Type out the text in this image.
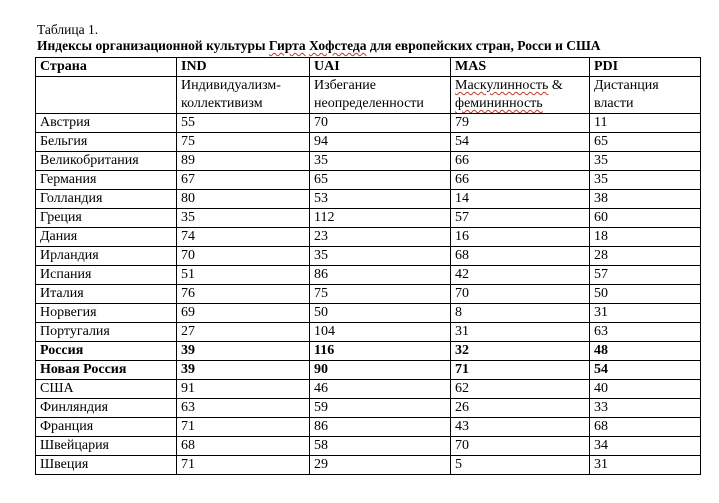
Таблица 1.
Индексы организационной культуры Гирта Хофстеда для европейских стран, Росси и США
Страна	IND	UAI	MAS	PDI
	Индивидуализм-коллективизм	Избегание неопределенности	Маскулинность & фемининность	Дистанция власти
Австрия	55	70	79	11
Бельгия	75	94	54	65
Великобритания	89	35	66	35
Германия	67	65	66	35
Голландия	80	53	14	38
Греция	35	112	57	60
Дания	74	23	16	18
Ирландия	70	35	68	28
Испания	51	86	42	57
Италия	76	75	70	50
Норвегия	69	50	8	31
Португалия	27	104	31	63
Россия	39	116	32	48
Новая Россия	39	90	71	54
США	91	46	62	40
Финляндия	63	59	26	33
Франция	71	86	43	68
Швейцария	68	58	70	34
Швеция	71	29	5	31
